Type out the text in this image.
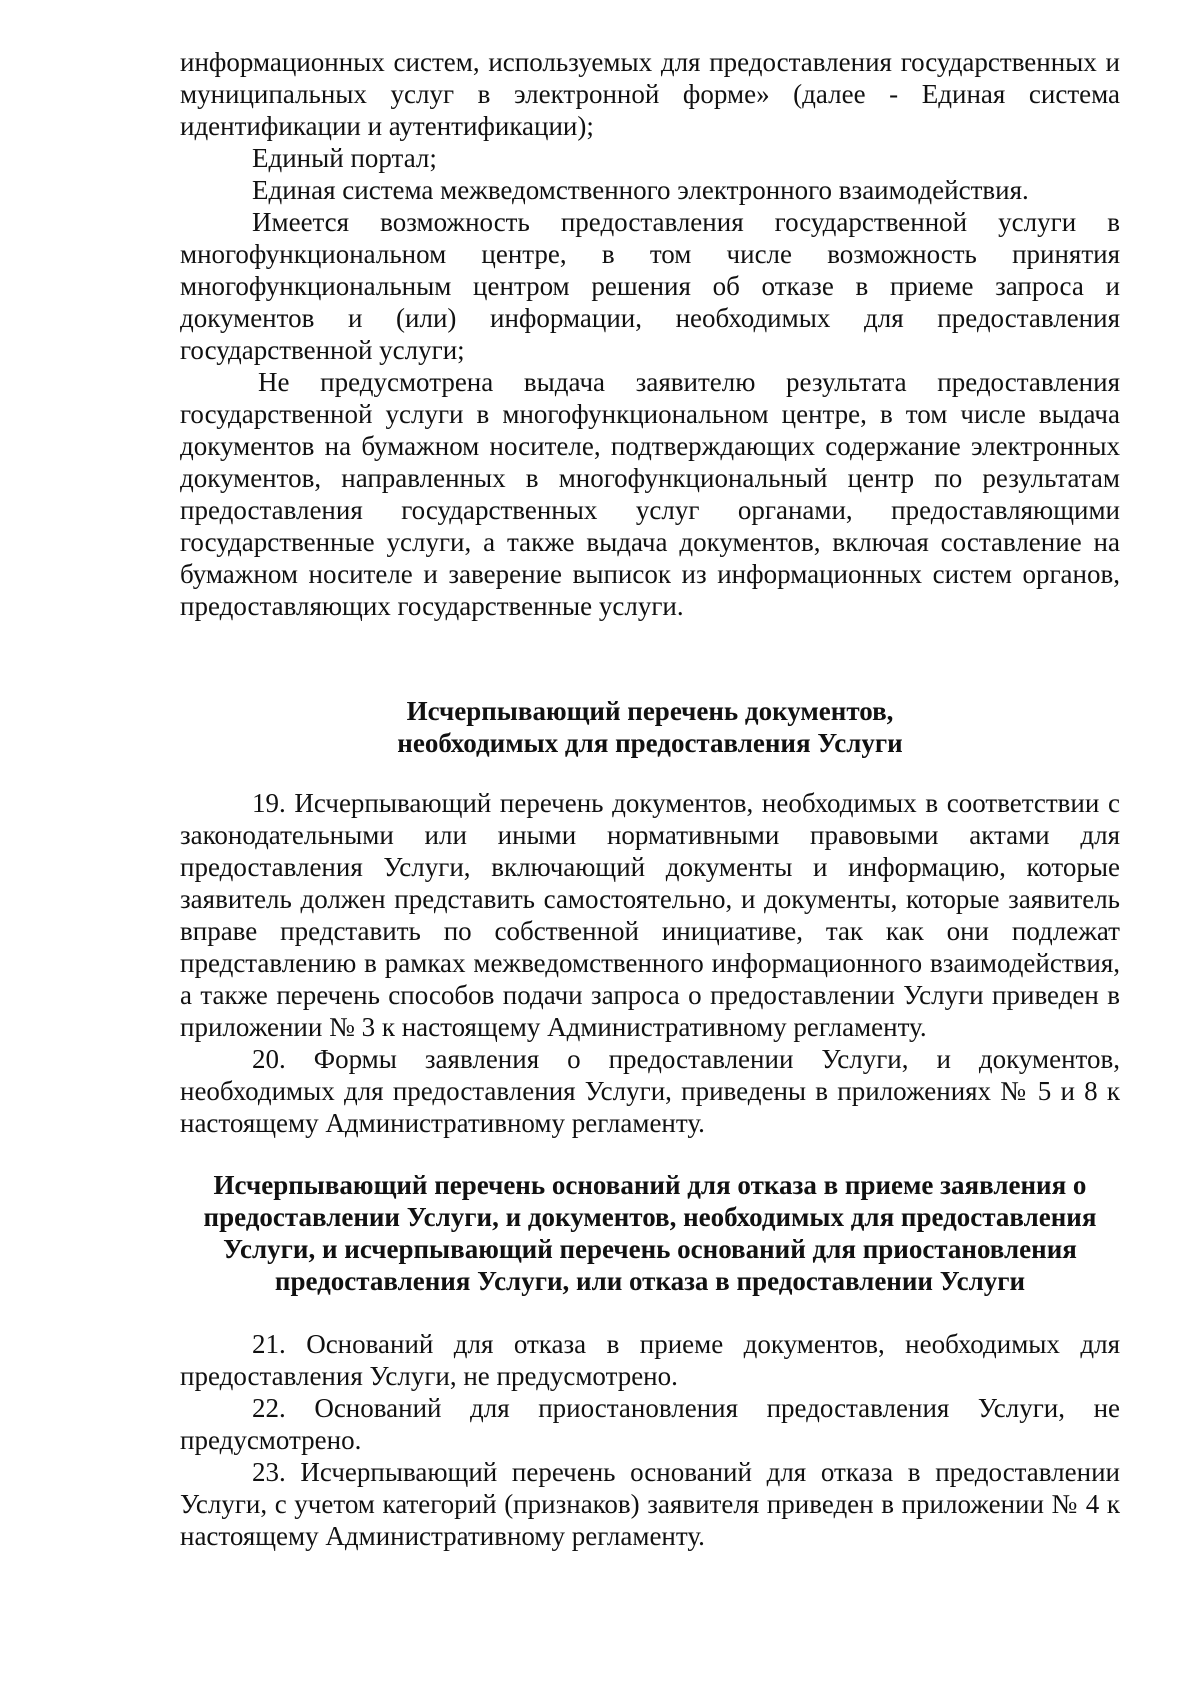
информационных систем, используемых для предоставления государственных и муниципальных услуг в электронной форме» (далее - Единая система идентификации и аутентификации);

Единый портал;

Единая система межведомственного электронного взаимодействия.

Имеется возможность предоставления государственной услуги в многофункциональном центре, в том числе возможность принятия многофункциональным центром решения об отказе в приеме запроса и документов и (или) информации, необходимых для предоставления государственной услуги;

Не предусмотрена выдача заявителю результата предоставления государственной услуги в многофункциональном центре, в том числе выдача документов на бумажном носителе, подтверждающих содержание электронных документов, направленных в многофункциональный центр по результатам предоставления государственных услуг органами, предоставляющими государственные услуги, а также выдача документов, включая составление на бумажном носителе и заверение выписок из информационных систем органов, предоставляющих государственные услуги.

Исчерпывающий перечень документов,

необходимых для предоставления Услуги

19. Исчерпывающий перечень документов, необходимых в соответствии с законодательными или иными нормативными правовыми актами для предоставления Услуги, включающий документы и информацию, которые заявитель должен представить самостоятельно, и документы, которые заявитель вправе представить по собственной инициативе, так как они подлежат представлению в рамках межведомственного информационного взаимодействия, а также перечень способов подачи запроса о предоставлении Услуги приведен в приложении № 3 к настоящему Административному регламенту.

20. Формы заявления о предоставлении Услуги, и документов, необходимых для предоставления Услуги, приведены в приложениях № 5 и 8 к настоящему Административному регламенту.

Исчерпывающий перечень оснований для отказа в приеме заявления о

предоставлении Услуги, и документов, необходимых для предоставления

Услуги, и исчерпывающий перечень оснований для приостановления

предоставления Услуги, или отказа в предоставлении Услуги

21. Оснований для отказа в приеме документов, необходимых для предоставления Услуги, не предусмотрено.

22. Оснований для приостановления предоставления Услуги, не предусмотрено.

23. Исчерпывающий перечень оснований для отказа в предоставлении Услуги, с учетом категорий (признаков) заявителя приведен в приложении № 4 к настоящему Административному регламенту.
